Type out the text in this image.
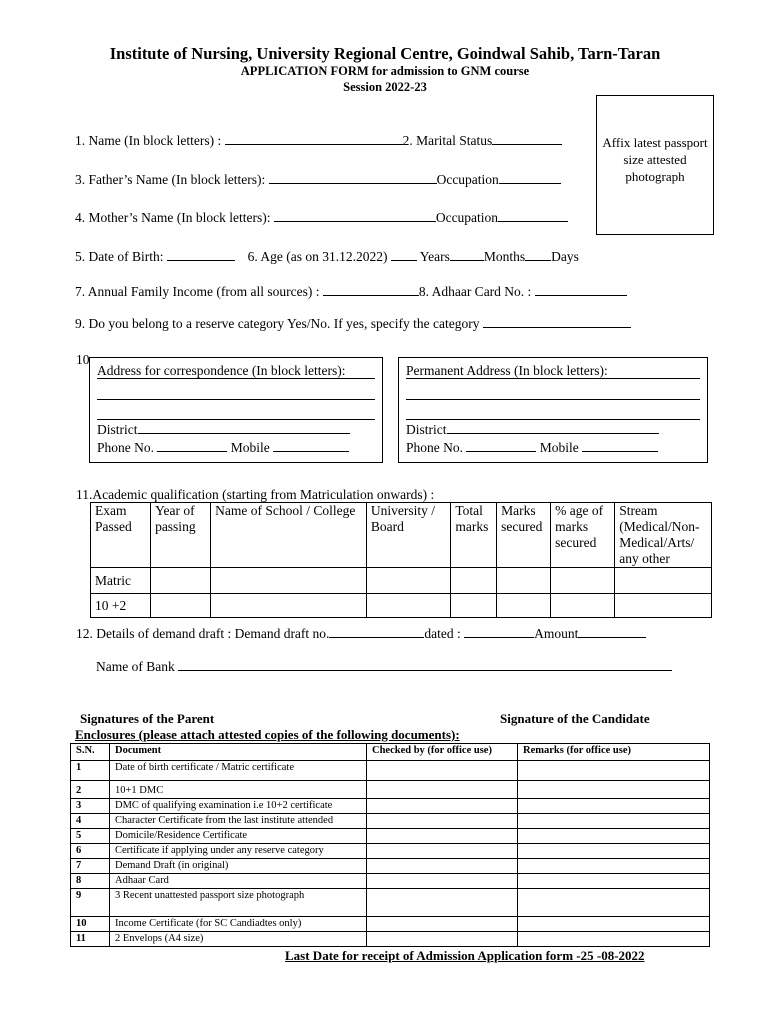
Institute of Nursing, University Regional Centre, Goindwal Sahib, Tarn-Taran
APPLICATION FORM for admission to GNM course
Session 2022-23
Affix latest passport size attested photograph
1. Name (In block letters) :	2. Marital Status
3. Father’s Name (In block letters):	Occupation
4. Mother’s Name (In block letters):	Occupation
5. Date of Birth:	6. Age (as on 31.12.2022) Years	Months Days
7. Annual Family Income (from all sources) :	8. Adhaar Card No. :
9. Do you belong to a reserve category Yes/No. If yes, specify the category
10
Address for correspondence (In block letters):
District
Phone No.	Mobile
Permanent Address (In block letters):
District
Phone No.	Mobile
11.Academic qualification (starting from Matriculation onwards) :
Exam Passed	Year of passing	Name of School / College	University / Board	Total marks	Marks secured	% age of marks secured	Stream (Medical/Non-Medical/Arts/ any other
Matric							
10 +2							
12. Details of demand draft : Demand draft no.	dated :	Amount
Name of Bank
Signatures of the Parent	Signature of the Candidate
Enclosures (please attach attested copies of the following documents):
S.N.	Document	Checked by (for office use)	Remarks (for office use)
1	Date of birth certificate / Matric certificate		
2	10+1 DMC		
3	DMC of qualifying examination i.e 10+2 certificate		
4	Character Certificate from the last institute attended		
5	Domicile/Residence Certificate		
6	Certificate if applying under any reserve category		
7	Demand Draft (in original)		
8	Adhaar Card		
9	3 Recent unattested passport size photograph		
10	Income Certificate (for SC Candiadtes only)		
11	2 Envelops (A4 size)		
Last Date for receipt of Admission Application form -25 -08-2022
